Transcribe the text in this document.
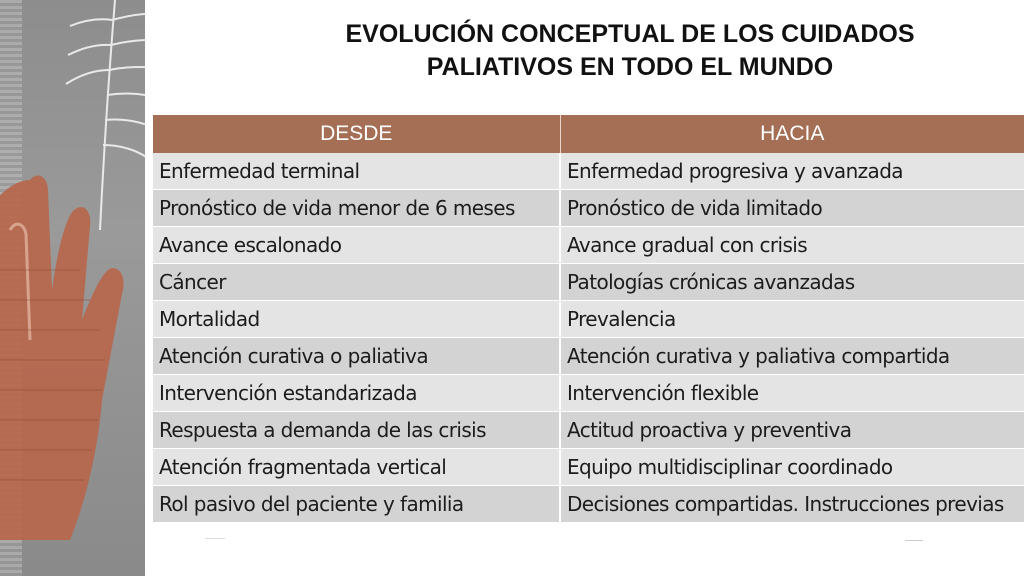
EVOLUCIÓN CONCEPTUAL DE LOS CUIDADOS

PALIATIVOS EN TODO EL MUNDO

DESDE	HACIA
Enfermedad terminal	Enfermedad progresiva y avanzada
Pronóstico de vida menor de 6 meses	Pronóstico de vida limitado
Avance escalonado	Avance gradual con crisis
Cáncer	Patologías crónicas avanzadas
Mortalidad	Prevalencia
Atención curativa o paliativa	Atención curativa y paliativa compartida
Intervención estandarizada	Intervención flexible
Respuesta a demanda de las crisis	Actitud proactiva y preventiva
Atención fragmentada vertical	Equipo multidisciplinar coordinado
Rol pasivo del paciente y familia	Decisiones compartidas. Instrucciones previas
